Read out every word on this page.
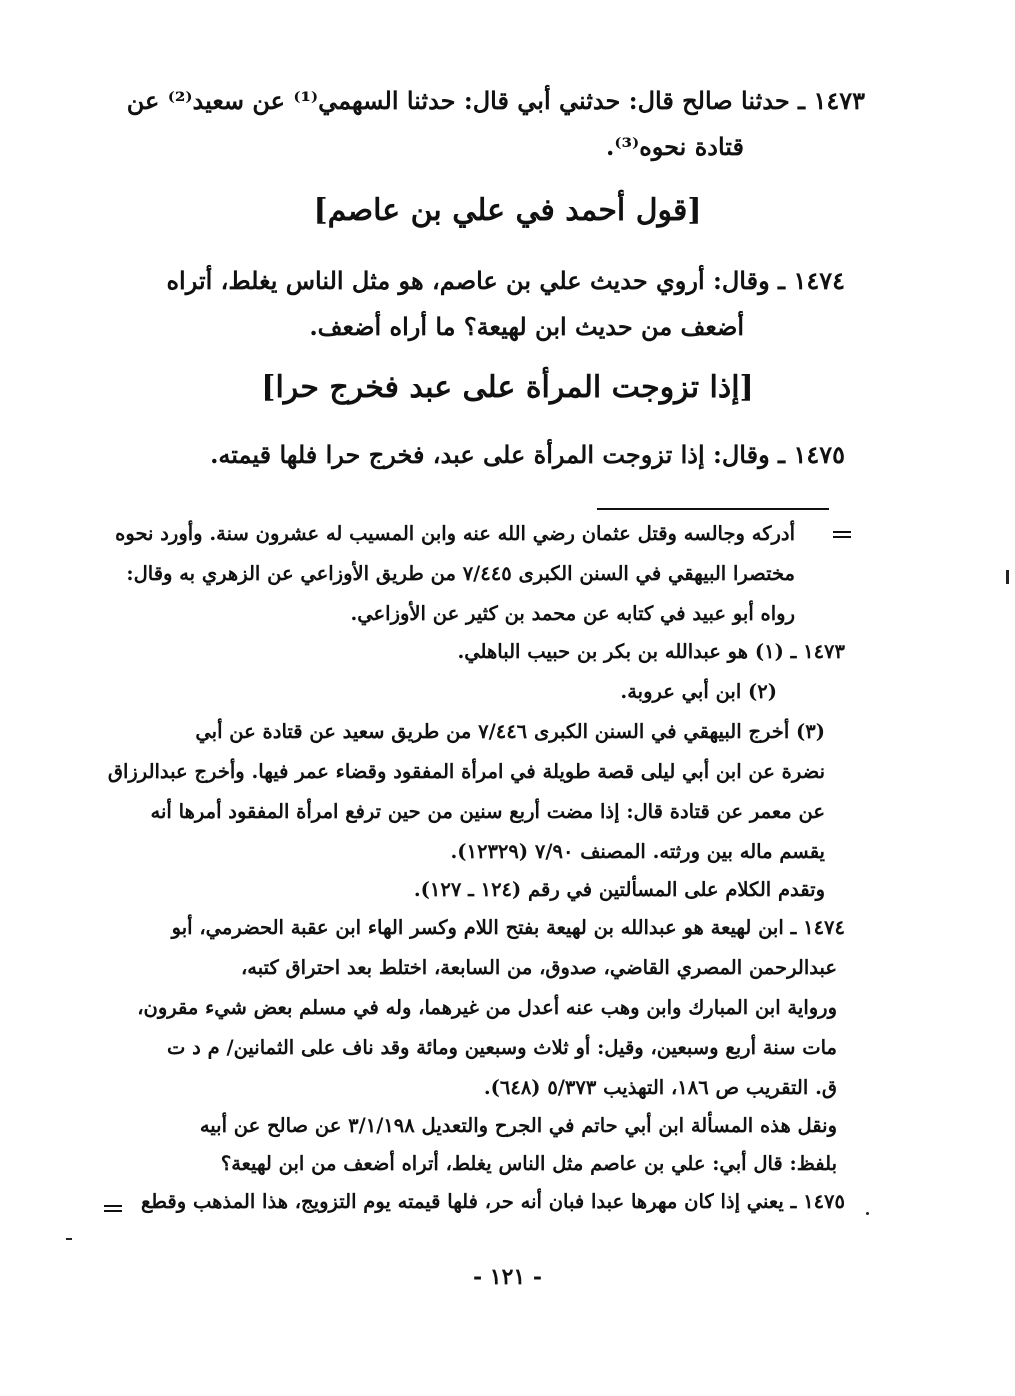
١٤٧٣ ـ حدثنا صالح قال: حدثني أبي قال: حدثنا السهمي⁽¹⁾ عن سعيد⁽²⁾ عن
قتادة نحوه⁽³⁾.
[قول أحمد في علي بن عاصم]
١٤٧٤ ـ وقال: أروي حديث علي بن عاصم، هو مثل الناس يغلط، أتراه
أضعف من حديث ابن لهيعة؟ ما أراه أضعف.
[إذا تزوجت المرأة على عبد فخرج حرا]
١٤٧٥ ـ وقال: إذا تزوجت المرأة على عبد، فخرج حرا فلها قيمته.
أدركه وجالسه وقتل عثمان رضي الله عنه وابن المسيب له عشرون سنة. وأورد نحوه
مختصرا البيهقي في السنن الكبرى ٧/٤٤٥ من طريق الأوزاعي عن الزهري به وقال:
رواه أبو عبيد في كتابه عن محمد بن كثير عن الأوزاعي.
١٤٧٣ ـ (١) هو عبدالله بن بكر بن حبيب الباهلي.
(٢) ابن أبي عروبة.
(٣) أخرج البيهقي في السنن الكبرى ٧/٤٤٦ من طريق سعيد عن قتادة عن أبي
نضرة عن ابن أبي ليلى قصة طويلة في امرأة المفقود وقضاء عمر فيها. وأخرج عبدالرزاق
عن معمر عن قتادة قال: إذا مضت أربع سنين من حين ترفع امرأة المفقود أمرها أنه
يقسم ماله بين ورثته. المصنف ٧/٩٠ (١٢٣٢٩).
وتقدم الكلام على المسألتين في رقم (١٢٤ ـ ١٢٧).
١٤٧٤ ـ ابن لهيعة هو عبدالله بن لهيعة بفتح اللام وكسر الهاء ابن عقبة الحضرمي، أبو
عبدالرحمن المصري القاضي، صدوق، من السابعة، اختلط بعد احتراق كتبه،
ورواية ابن المبارك وابن وهب عنه أعدل من غيرهما، وله في مسلم بعض شيء مقرون،
مات سنة أربع وسبعين، وقيل: أو ثلاث وسبعين ومائة وقد ناف على الثمانين/ م د ت
ق. التقريب ص ١٨٦، التهذيب ٥/٣٧٣ (٦٤٨).
ونقل هذه المسألة ابن أبي حاتم في الجرح والتعديل ٣/١/١٩٨ عن صالح عن أبيه
بلفظ: قال أبي: علي بن عاصم مثل الناس يغلط، أتراه أضعف من ابن لهيعة؟
١٤٧٥ ـ يعني إذا كان مهرها عبدا فبان أنه حر، فلها قيمته يوم التزويج، هذا المذهب وقطع
- ١٢١ -
